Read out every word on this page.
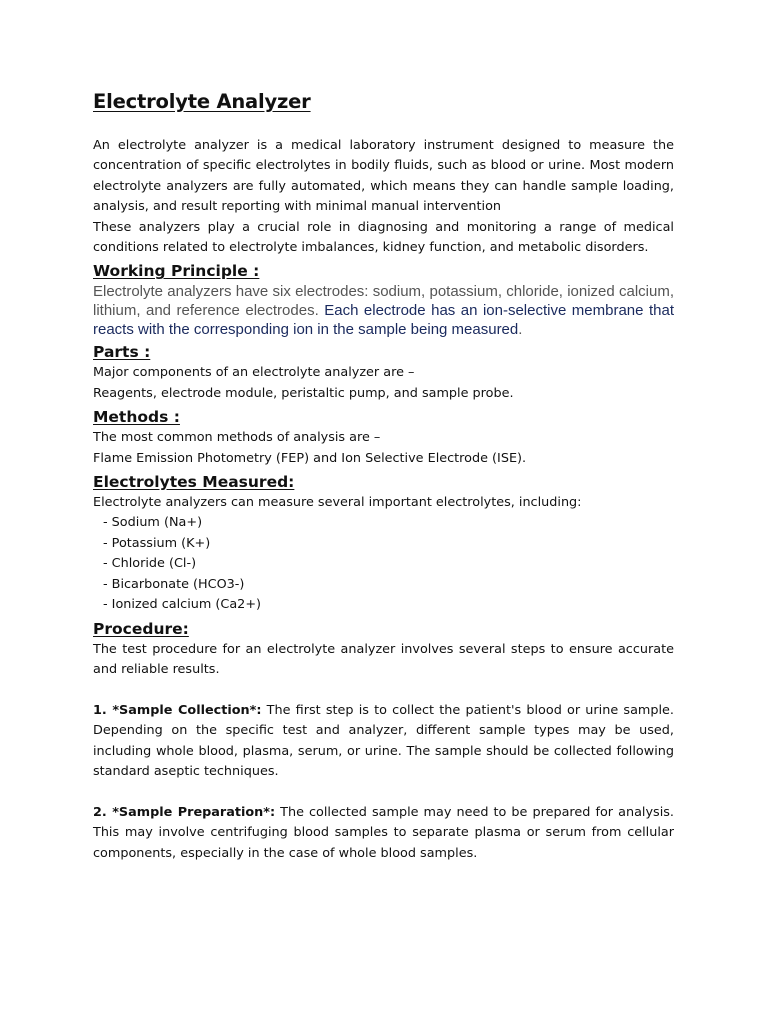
Electrolyte Analyzer

An electrolyte analyzer is a medical laboratory instrument designed to measure the concentration of specific electrolytes in bodily fluids, such as blood or urine. Most modern electrolyte analyzers are fully automated, which means they can handle sample loading, analysis, and result reporting with minimal manual intervention

These analyzers play a crucial role in diagnosing and monitoring a range of medical conditions related to electrolyte imbalances, kidney function, and metabolic disorders.

Working Principle :

Electrolyte analyzers have six electrodes: sodium, potassium, chloride, ionized calcium, lithium, and reference electrodes. Each electrode has an ion-selective membrane that reacts with the corresponding ion in the sample being measured.

Parts :

Major components of an electrolyte analyzer are –

Reagents, electrode module, peristaltic pump, and sample probe.

Methods :

The most common methods of analysis are –

Flame Emission Photometry (FEP) and Ion Selective Electrode (ISE).

Electrolytes Measured:

Electrolyte analyzers can measure several important electrolytes, including:

- Sodium (Na+)
- Potassium (K+)
- Chloride (Cl-)
- Bicarbonate (HCO3-)
- Ionized calcium (Ca2+)
Procedure:

The test procedure for an electrolyte analyzer involves several steps to ensure accurate and reliable results.

1. *Sample Collection*: The first step is to collect the patient's blood or urine sample. Depending on the specific test and analyzer, different sample types may be used, including whole blood, plasma, serum, or urine. The sample should be collected following standard aseptic techniques.

2. *Sample Preparation*: The collected sample may need to be prepared for analysis. This may involve centrifuging blood samples to separate plasma or serum from cellular components, especially in the case of whole blood samples.
